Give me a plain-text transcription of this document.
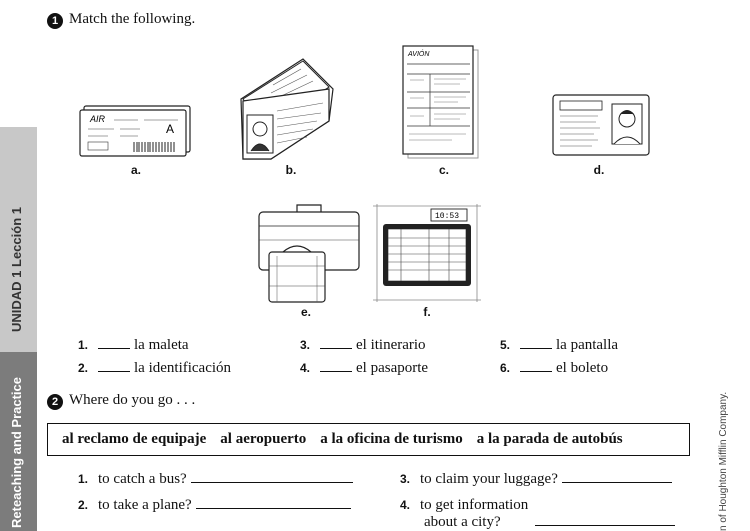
UNIDAD 1 Lección 1
Reteaching and Practice	n of Houghton Mifflin Company.
1 Match the following.
AIR
A
a.	b.
AVIÓN
c.	d.
e.
10:53
f.
1.	la maleta
2.	la identificación
3.	el itinerario
4.	el pasaporte
5.	la pantalla
6.	el boleto
2 Where do you go . . .
al reclamo de equipaje al aeropuerto a la oficina de turismo a la parada de autobús
1. to catch a bus?
2. to take a plane?
3. to claim your luggage?
4. to get information
about a city?
